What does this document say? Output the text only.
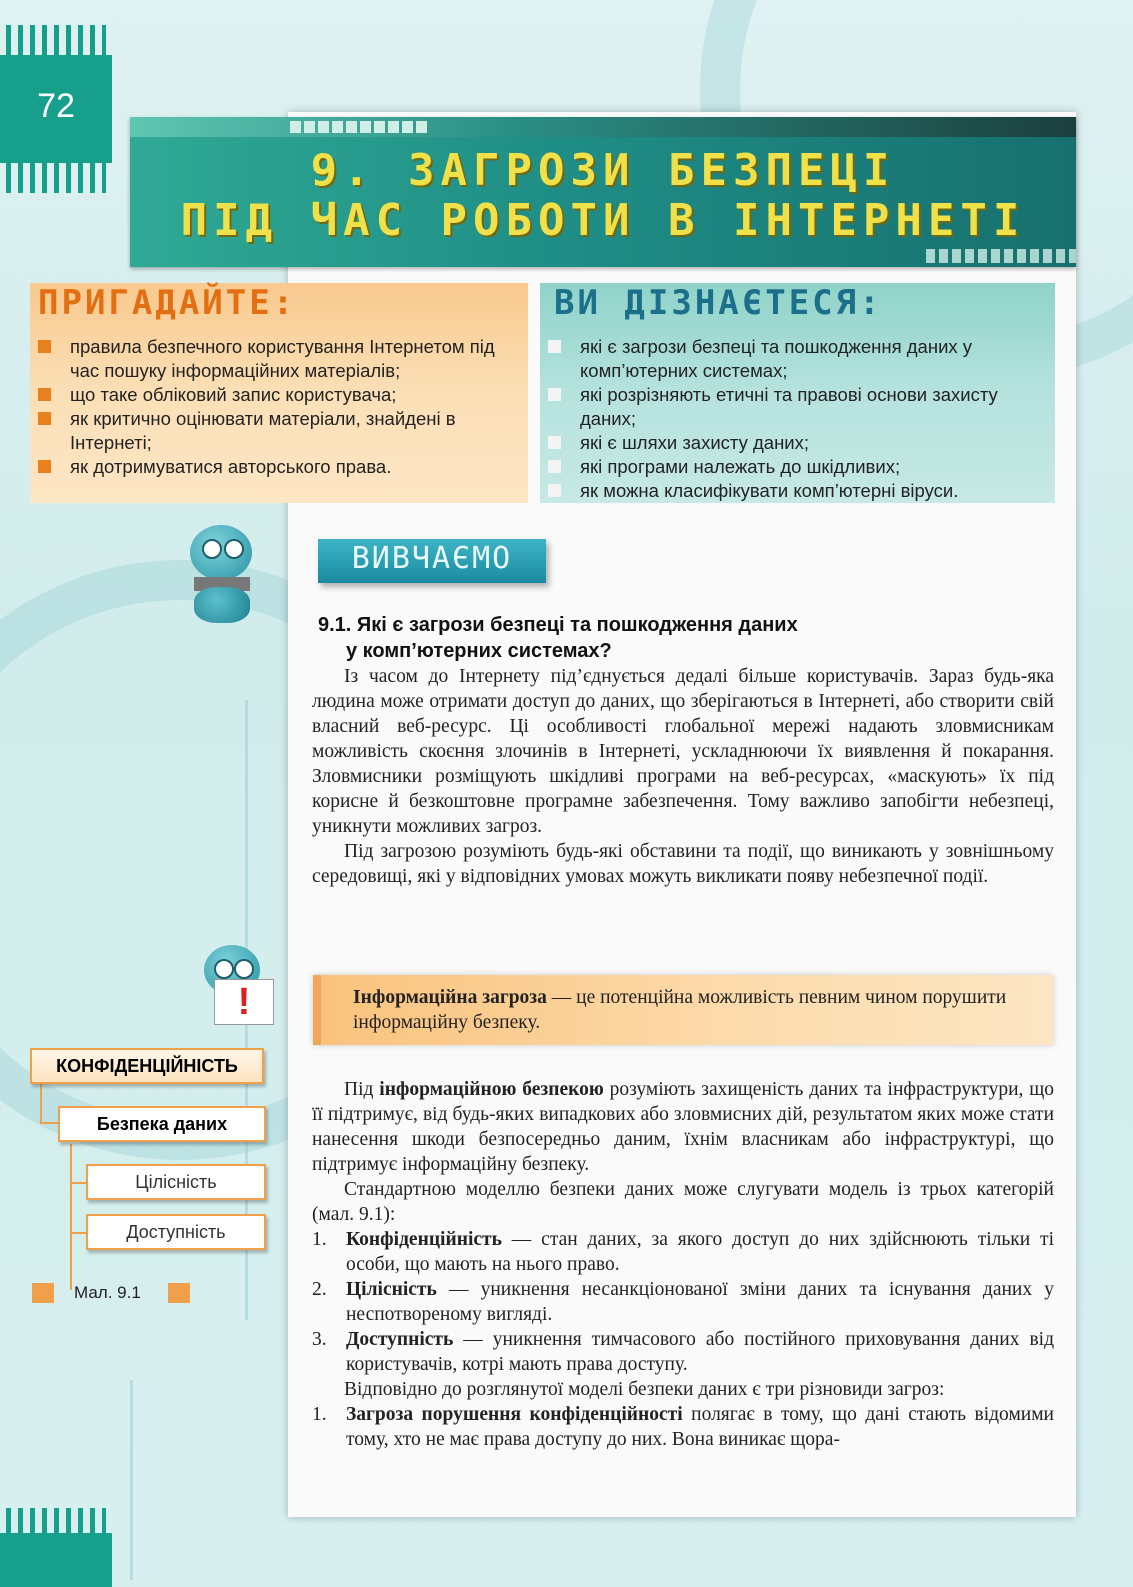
72
9. ЗАГРОЗИ БЕЗПЕЦІ
ПІД ЧАС РОБОТИ В ІНТЕРНЕТІ
ПРИГАДАЙТЕ:
правила безпечного користування Інтернетом під час пошуку інформаційних матеріалів;
що таке обліковий запис користувача;
як критично оцінювати матеріали, знайдені в Інтернеті;
як дотримуватися авторського права.
ВИ ДІЗНАЄТЕСЯ:
які є загрози безпеці та пошкодження даних у комп’ютерних системах;
які розрізняють етичні та правові основи захисту даних;
які є шляхи захисту даних;
які програми належать до шкідливих;
як можна класифікувати комп’ютерні віруси.
!
ВИВЧАЄМО
9.1. Які є загрози безпеці та пошкодження даних
у комп’ютерних системах?
Із часом до Інтернету під’єднується дедалі більше користувачів. Зараз будь-яка людина може отримати доступ до даних, що зберігаються в Інтернеті, або створити свій власний веб-ресурс. Ці особливості глобальної мережі надають зловмисникам можливість скоєння злочинів в Інтернеті, ускладнюючи їх виявлення й покарання. Зловмисники розміщують шкідливі програми на веб-ресурсах, «маскують» їх під корисне й безкоштовне програмне забезпечення. Тому важливо запобігти небезпеці, уникнути можливих загроз.
Під загрозою розуміють будь-які обставини та події, що виникають у зовнішньому середовищі, які у відповідних умовах можуть викликати появу небезпечної події.

Інформаційна загроза — це потенційна можливість певним чином порушити інформаційну безпеку.

Під інформаційною безпекою розуміють захищеність даних та інфраструктури, що її підтримує, від будь-яких випадкових або зловмисних дій, результатом яких може стати нанесення шкоди безпосередньо даним, їхнім власникам або інфраструктурі, що підтримує інформаційну безпеку.
Стандартною моделлю безпеки даних може слугувати модель із трьох категорій (мал. 9.1):
1. Конфіденційність — стан даних, за якого доступ до них здійснюють тільки ті особи, що мають на нього право.
2. Цілісність — уникнення несанкціонованої зміни даних та існування даних у неспотвореному вигляді.
3. Доступність — уникнення тимчасового або постійного приховування даних від користувачів, котрі мають права доступу.
Відповідно до розглянутої моделі безпеки даних є три різновиди загроз:
1. Загроза порушення конфіденційності полягає в тому, що дані стають відомими тому, хто не має права доступу до них. Вона виникає щора-
КОНФІДЕНЦІЙНІСТЬ
Безпека даних
Цілісність
Доступність
Мал. 9.1
